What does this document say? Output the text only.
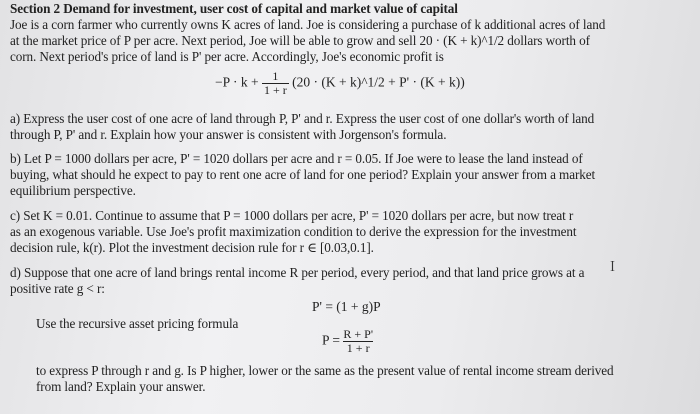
Section 2 Demand for investment, user cost of capital and market value of capital
Joe is a corn farmer who currently owns K acres of land. Joe is considering a purchase of k additional acres of land
at the market price of P per acre. Next period, Joe will be able to grow and sell 20 · (K + k)^1/2 dollars worth of
corn. Next period's price of land is P' per acre. Accordingly, Joe's economic profit is
$-P \cdot k + \frac{1}{1 + r} (20 \cdot (K$ + k)^1/2 + P' · (K + k))
a) Express the user cost of one acre of land through P, P' and r. Express the user cost of one dollar's worth of land
through P, P' and r. Explain how your answer is consistent with Jorgenson's formula.
b) Let P = 1000 dollars per acre, P' = 1020 dollars per acre and r = 0.05. If Joe were to lease the land instead of
buying, what should he expect to pay to rent one acre of land for one period? Explain your answer from a market
equilibrium perspective.
c) Set K = 0.01. Continue to assume that P = 1000 dollars per acre, P' = 1020 dollars per acre, but now treat r
as an exogenous variable. Use Joe's profit maximization condition to derive the expression for the investment
decision rule, k(r). Plot the investment decision rule for r ∈ [0.03,0.1].
d) Suppose that one acre of land brings rental income R per period, every period, and that land price grows at a
positive rate g < r:
Ｉ
P' = (1 + g)P
Use the recursive asset pricing formula
$P = \frac{R + P'}{1 + r}$
to express P through r and g. Is P higher, lower or the same as the present value of rental income stream derived
from land? Explain your answer.
